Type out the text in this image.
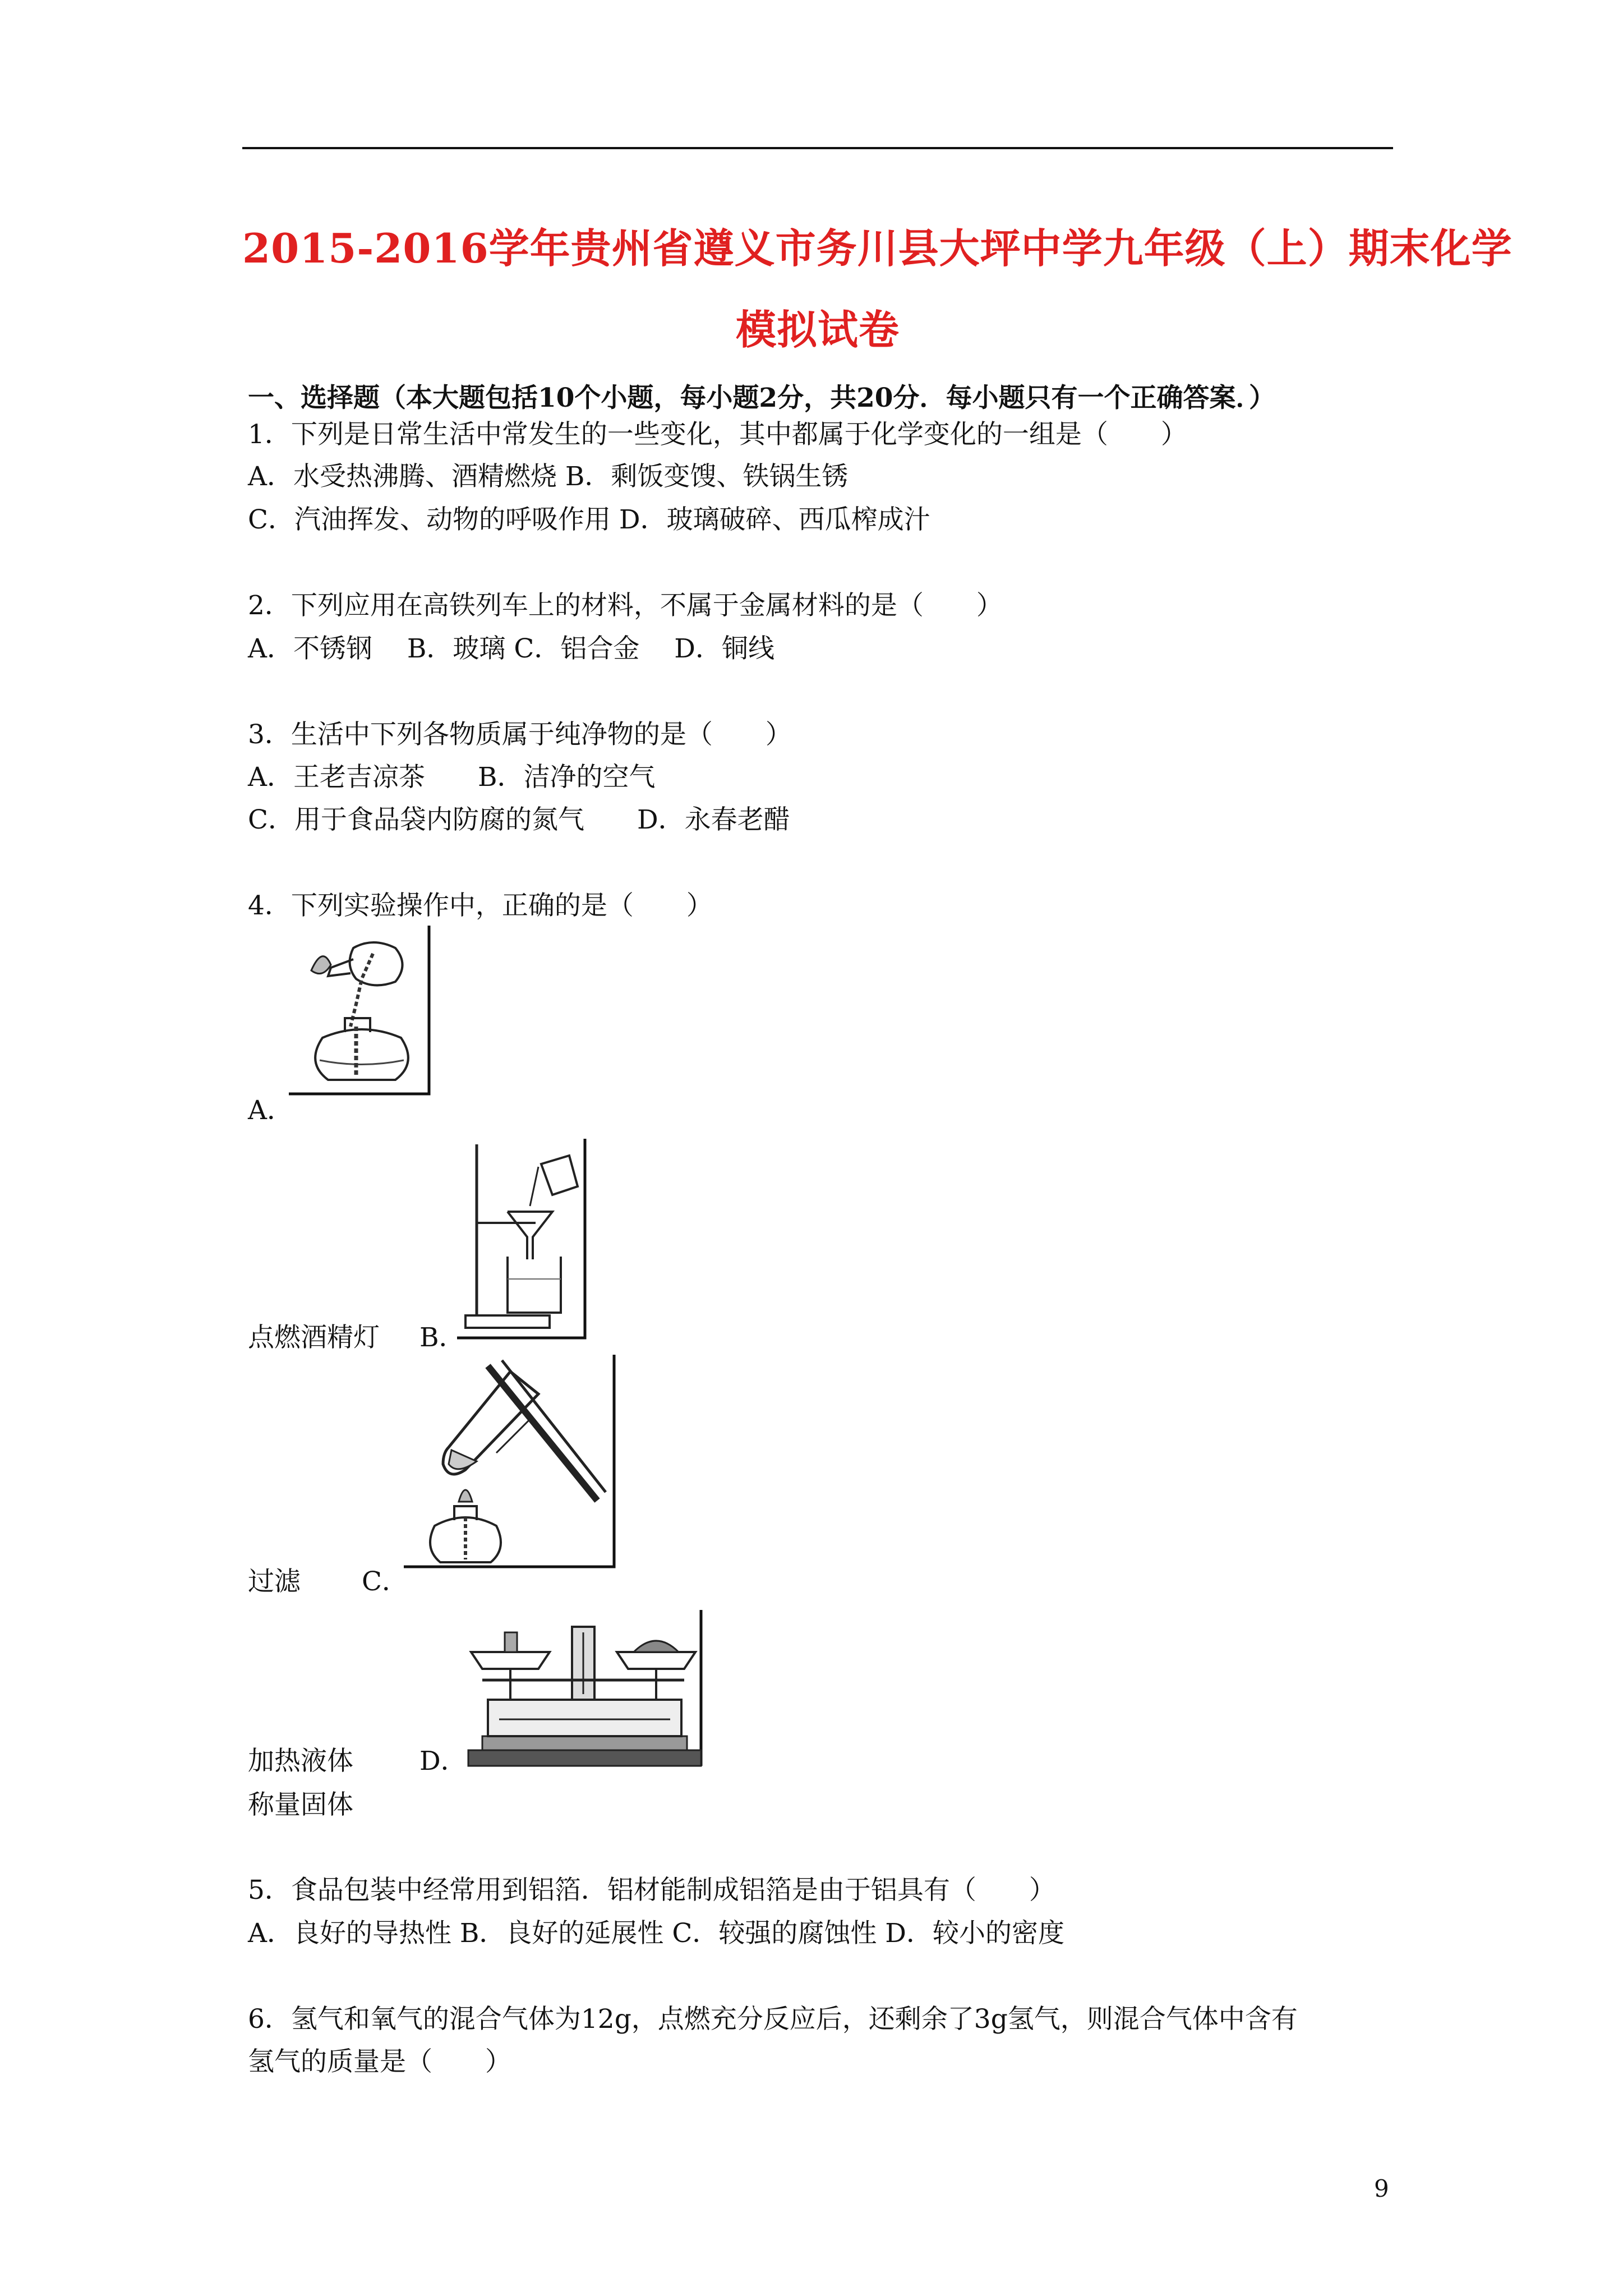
2015-2016学年贵州省遵义市务川县大坪中学九年级（上）期末化学
模拟试卷
一、选择题（本大题包括10个小题，每小题2分，共20分．每小题只有一个正确答案．）
1．下列是日常生活中常发生的一些变化，其中都属于化学变化的一组是（　　）
A．水受热沸腾、酒精燃烧 B．剩饭变馊、铁锅生锈
C．汽油挥发、动物的呼吸作用 D．玻璃破碎、西瓜榨成汁
2．下列应用在高铁列车上的材料，不属于金属材料的是（　　）
A．不锈钢　 B．玻璃 C．铝合金　 D．铜线
3．生活中下列各物质属于纯净物的是（　　）
A．王老吉凉茶　　B．洁净的空气
C．用于食品袋内防腐的氮气　　D．永春老醋
4．下列实验操作中，正确的是（　　）
A．
点燃酒精灯 B．
过滤 C．
加热液体	D．
称量固体
5．食品包装中经常用到铝箔．铝材能制成铝箔是由于铝具有（　　）
A．良好的导热性 B．良好的延展性 C．较强的腐蚀性 D．较小的密度
6．氢气和氧气的混合气体为12g，点燃充分反应后，还剩余了3g氢气，则混合气体中含有
氢气的质量是（　　）
9
